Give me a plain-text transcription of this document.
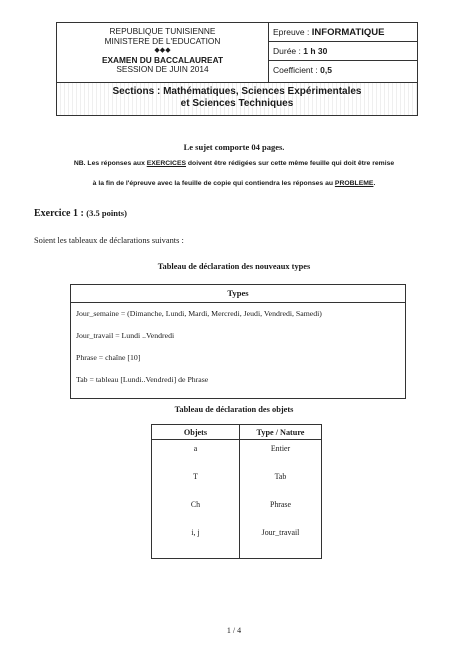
REPUBLIQUE TUNISIENNE
MINISTERE DE L'EDUCATION
◆◆◆
EXAMEN DU BACCALAUREAT
SESSION DE JUIN 2014
Epreuve : INFORMATIQUE
Durée : 1 h 30
Coefficient : 0,5
Sections : Mathématiques, Sciences Expérimentales
et Sciences Techniques
Le sujet comporte 04 pages.
NB. Les réponses aux EXERCICES doivent être rédigées sur cette même feuille qui doit être remise
à la fin de l'épreuve avec la feuille de copie qui contiendra les réponses au PROBLEME.
Exercice 1 : (3.5 points)
Soient les tableaux de déclarations suivants :
Tableau de déclaration des nouveaux types
Types
Jour_semaine = (Dimanche, Lundi, Mardi, Mercredi, Jeudi, Vendredi, Samedi)
Jour_travail = Lundi ..Vendredi
Phrase = chaîne [10]
Tab = tableau [Lundi..Vendredi] de Phrase
Tableau de déclaration des objets
Objets	Type / Nature
a	Entier
T	Tab
Ch	Phrase
i, j	Jour_travail
1 / 4
